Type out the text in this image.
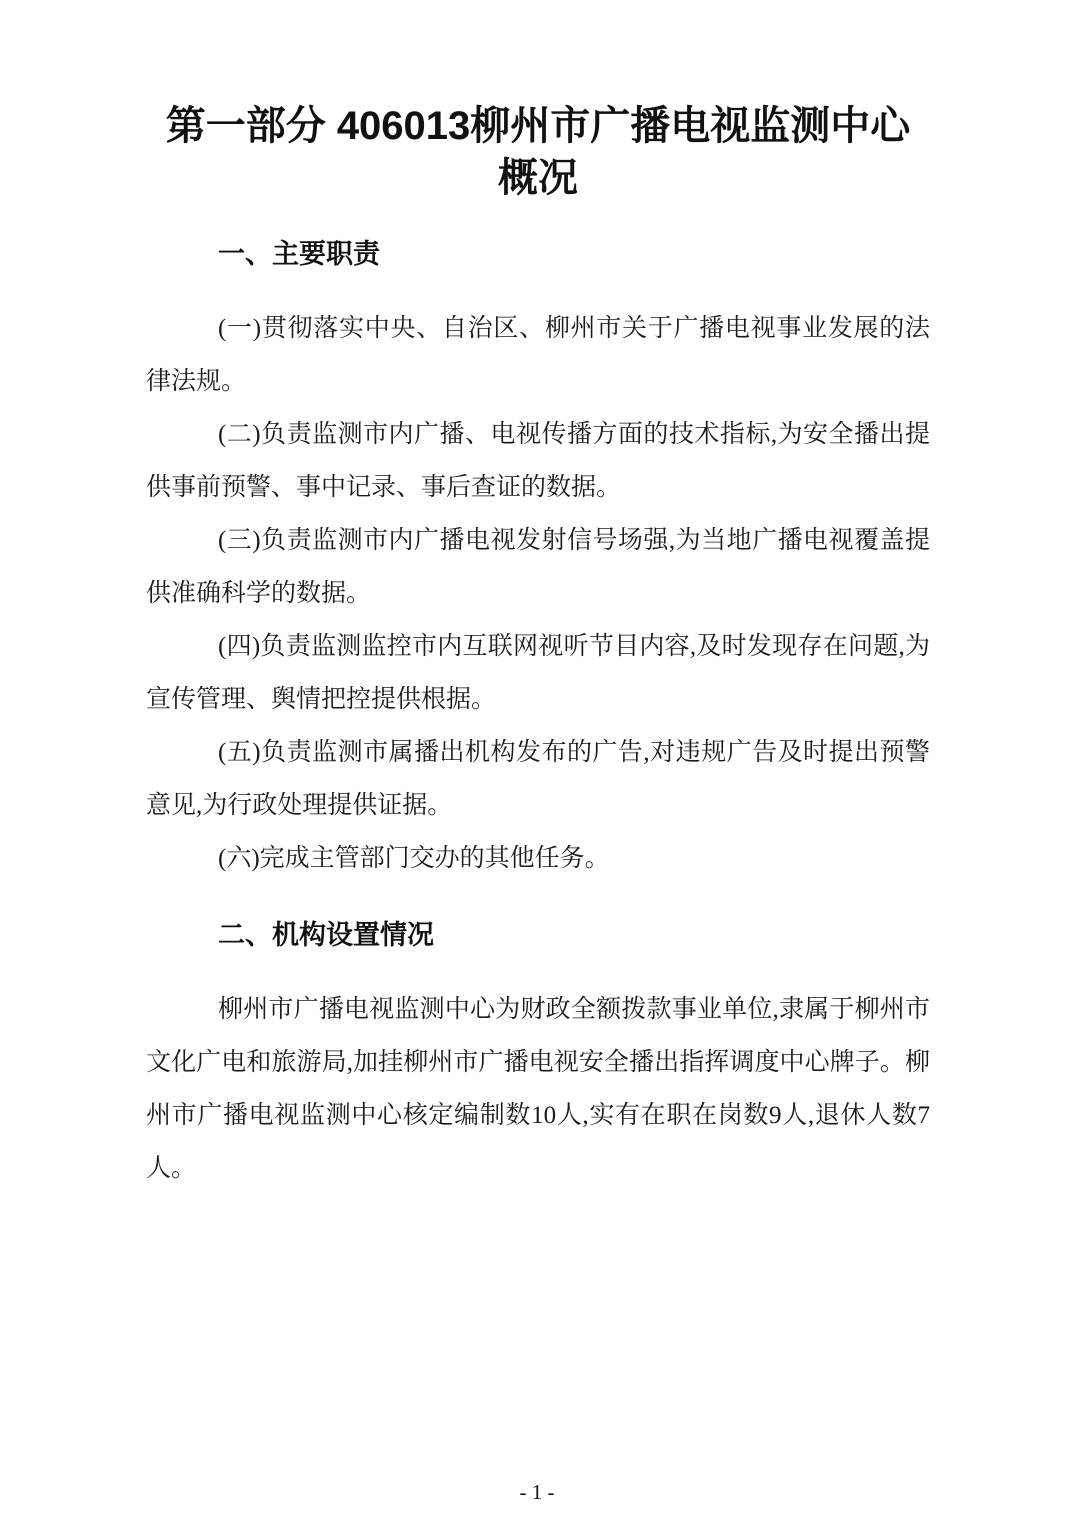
第一部分 406013柳州市广播电视监测中心
概况
一、主要职责

(一)贯彻落实中央、自治区、柳州市关于广播电视事业发展的法律法规。

(二)负责监测市内广播、电视传播方面的技术指标,为安全播出提供事前预警、事中记录、事后查证的数据。

(三)负责监测市内广播电视发射信号场强,为当地广播电视覆盖提供准确科学的数据。

(四)负责监测监控市内互联网视听节目内容,及时发现存在问题,为宣传管理、舆情把控提供根据。

(五)负责监测市属播出机构发布的广告,对违规广告及时提出预警意见,为行政处理提供证据。

(六)完成主管部门交办的其他任务。

二、机构设置情况

柳州市广播电视监测中心为财政全额拨款事业单位,隶属于柳州市文化广电和旅游局,加挂柳州市广播电视安全播出指挥调度中心牌子。柳州市广播电视监测中心核定编制数10人,实有在职在岗数9人,退休人数7人。

- 1 -
